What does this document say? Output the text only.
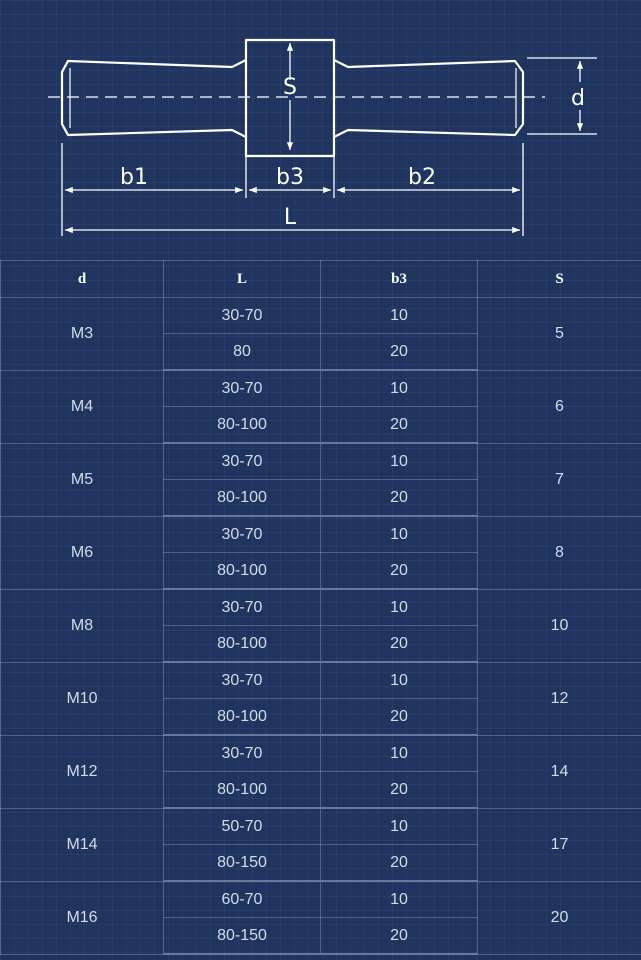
S	d
b1	b3	b2
L
d	L	b3	S
M3	30-70	10	5
	80	20	
M4	30-70	10	6
	80-100	20	
M5	30-70	10	7
	80-100	20	
M6	30-70	10	8
	80-100	20	
M8	30-70	10	10
	80-100	20	
M10	30-70	10	12
	80-100	20	
M12	30-70	10	14
	80-100	20	
M14	50-70	10	17
	80-150	20	
M16	60-70	10	20
	80-150	20	
